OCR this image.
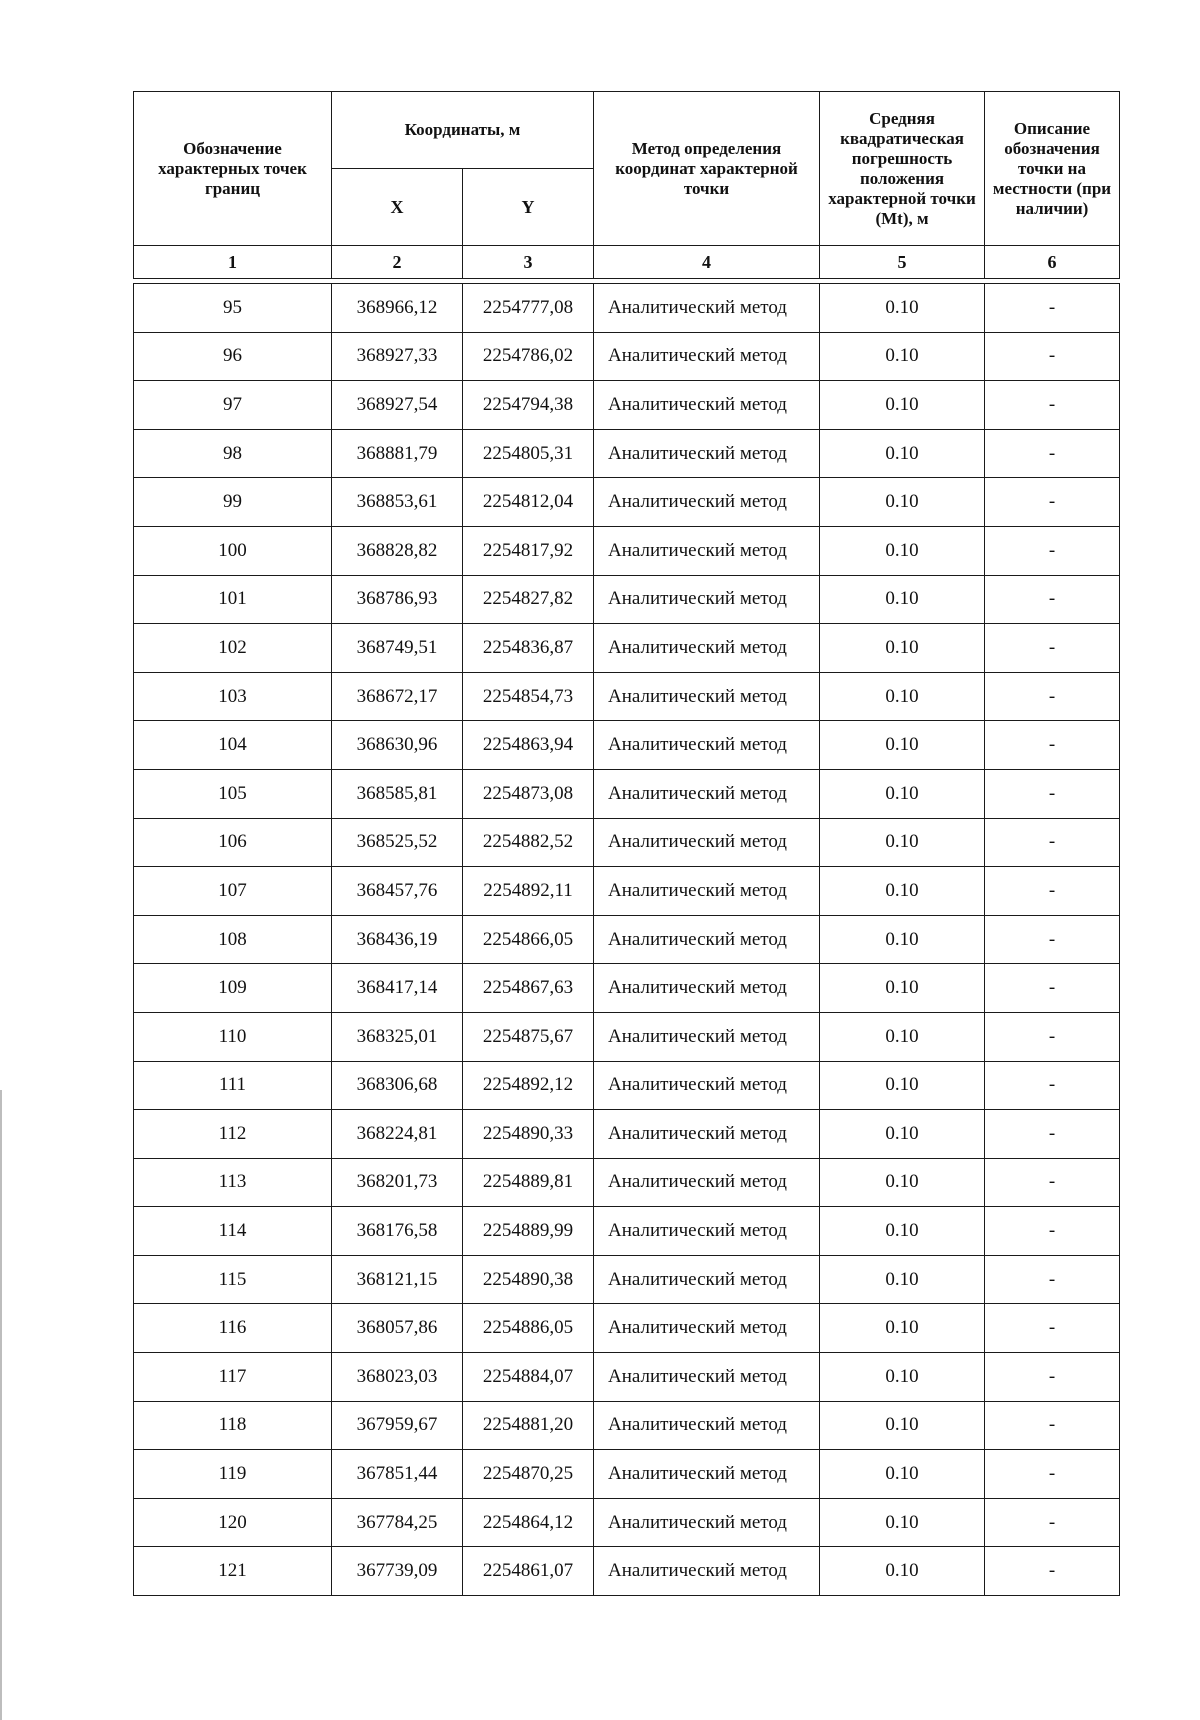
Обозначение характерных точек границ	Координаты, м		Метод определения координат характерной точки	Средняя квадратическая погрешность положения характерной точки (Mt), м	Описание обозначения точки на местности (при наличии)
	X	Y			
1	2	3	4	5	6

95	368966,12	2254777,08	Аналитический метод	0.10	-
96	368927,33	2254786,02	Аналитический метод	0.10	-
97	368927,54	2254794,38	Аналитический метод	0.10	-
98	368881,79	2254805,31	Аналитический метод	0.10	-
99	368853,61	2254812,04	Аналитический метод	0.10	-
100	368828,82	2254817,92	Аналитический метод	0.10	-
101	368786,93	2254827,82	Аналитический метод	0.10	-
102	368749,51	2254836,87	Аналитический метод	0.10	-
103	368672,17	2254854,73	Аналитический метод	0.10	-
104	368630,96	2254863,94	Аналитический метод	0.10	-
105	368585,81	2254873,08	Аналитический метод	0.10	-
106	368525,52	2254882,52	Аналитический метод	0.10	-
107	368457,76	2254892,11	Аналитический метод	0.10	-
108	368436,19	2254866,05	Аналитический метод	0.10	-
109	368417,14	2254867,63	Аналитический метод	0.10	-
110	368325,01	2254875,67	Аналитический метод	0.10	-
111	368306,68	2254892,12	Аналитический метод	0.10	-
112	368224,81	2254890,33	Аналитический метод	0.10	-
113	368201,73	2254889,81	Аналитический метод	0.10	-
114	368176,58	2254889,99	Аналитический метод	0.10	-
115	368121,15	2254890,38	Аналитический метод	0.10	-
116	368057,86	2254886,05	Аналитический метод	0.10	-
117	368023,03	2254884,07	Аналитический метод	0.10	-
118	367959,67	2254881,20	Аналитический метод	0.10	-
119	367851,44	2254870,25	Аналитический метод	0.10	-
120	367784,25	2254864,12	Аналитический метод	0.10	-
121	367739,09	2254861,07	Аналитический метод	0.10	-
